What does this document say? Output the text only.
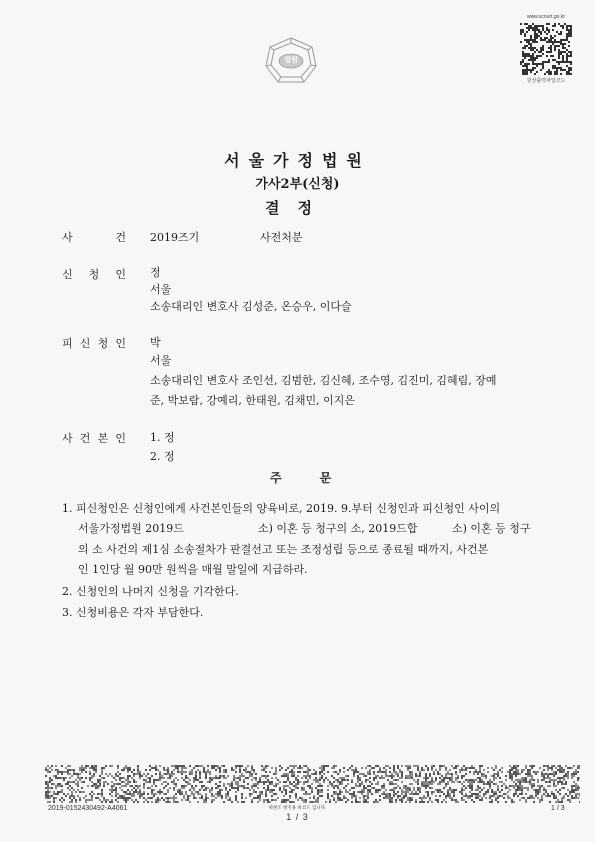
법원
www.scourt.go.kr
원상출력파일코드
서울가정법원
가사2부(신청)
결정
사	건 2019즈기	사전처분
신 청 인 정
서울
소송대리인 변호사 김성준, 온승우, 이다슬
피 신 청 인 박
서울
소송대리인 변호사 조인선, 김범한, 김신혜, 조수영, 김진미, 김혜림, 장예
준, 박보람, 강예리, 한태원, 김채민, 이지은
사 건 본 인 1. 정
2. 정
주문
1. 피신청인은 신청인에게 사건본인들의 양육비로, 2019. 9.부터 신청인과 피신청인 사이의
서울가정법원 2019드	소) 이혼 등 청구의 소, 2019드합	소) 이혼 등 청구
의 소 사건의 제1심 소송절차가 판결선고 또는 조정성립 등으로 종료될 때까지, 사건본
인 1인당 월 90만 원씩을 매월 말일에 지급하라.
2. 신청인의 나머지 신청을 기각한다.
3. 신청비용은 각자 부담한다.
2019-0152430492-A4061	위변조 방지용 바코드 입니다.	1 / 3
1 / 3
